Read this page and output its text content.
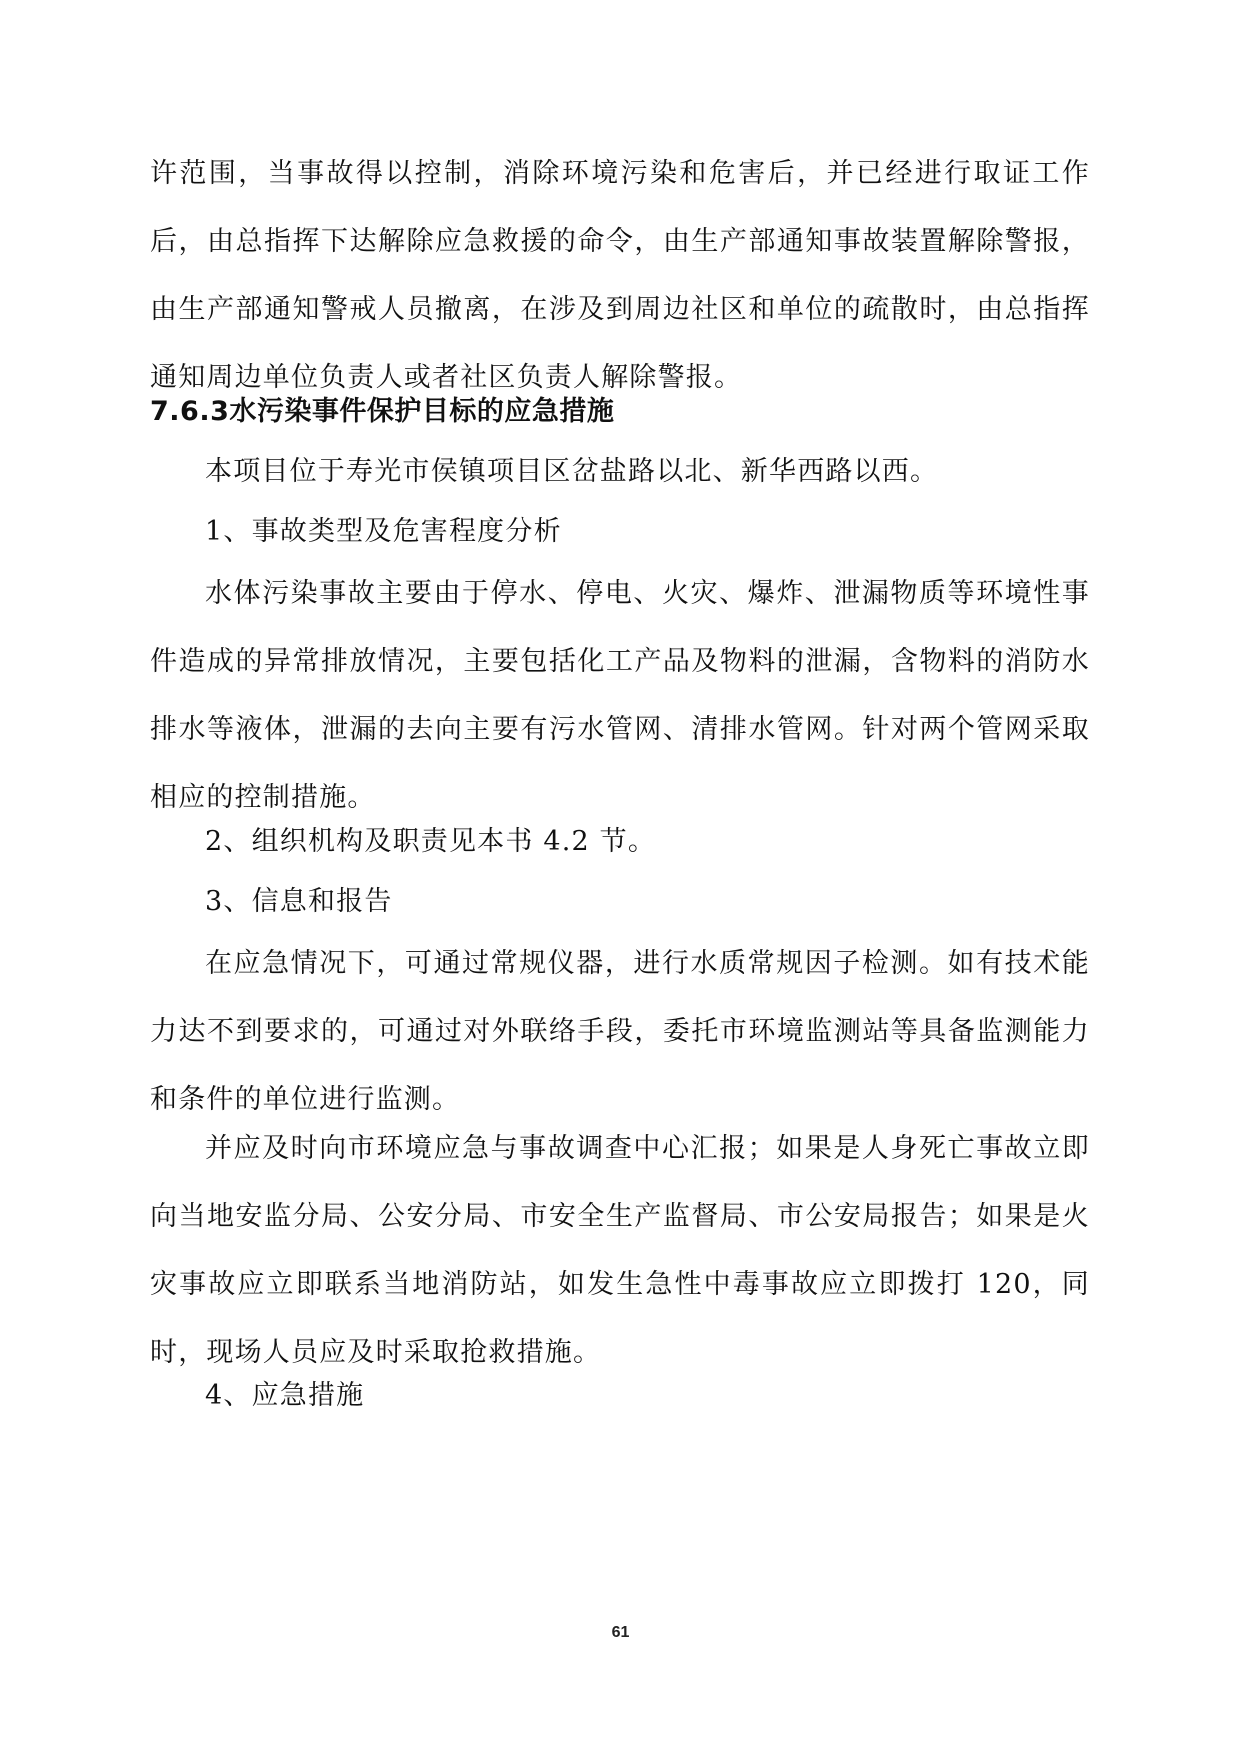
许范围，当事故得以控制，消除环境污染和危害后，并已经进行取证工作后，由总指挥下达解除应急救援的命令，由生产部通知事故装置解除警报，由生产部通知警戒人员撤离，在涉及到周边社区和单位的疏散时，由总指挥通知周边单位负责人或者社区负责人解除警报。

7.6.3水污染事件保护目标的应急措施

本项目位于寿光市侯镇项目区岔盐路以北、新华西路以西。

1、事故类型及危害程度分析

水体污染事故主要由于停水、停电、火灾、爆炸、泄漏物质等环境性事件造成的异常排放情况，主要包括化工产品及物料的泄漏，含物料的消防水排水等液体，泄漏的去向主要有污水管网、清排水管网。针对两个管网采取相应的控制措施。

2、组织机构及职责见本书 4.2 节。

3、信息和报告

在应急情况下，可通过常规仪器，进行水质常规因子检测。如有技术能力达不到要求的，可通过对外联络手段，委托市环境监测站等具备监测能力和条件的单位进行监测。

并应及时向市环境应急与事故调查中心汇报；如果是人身死亡事故立即向当地安监分局、公安分局、市安全生产监督局、市公安局报告；如果是火灾事故应立即联系当地消防站，如发生急性中毒事故应立即拨打 120，同时，现场人员应及时采取抢救措施。

4、应急措施

61
